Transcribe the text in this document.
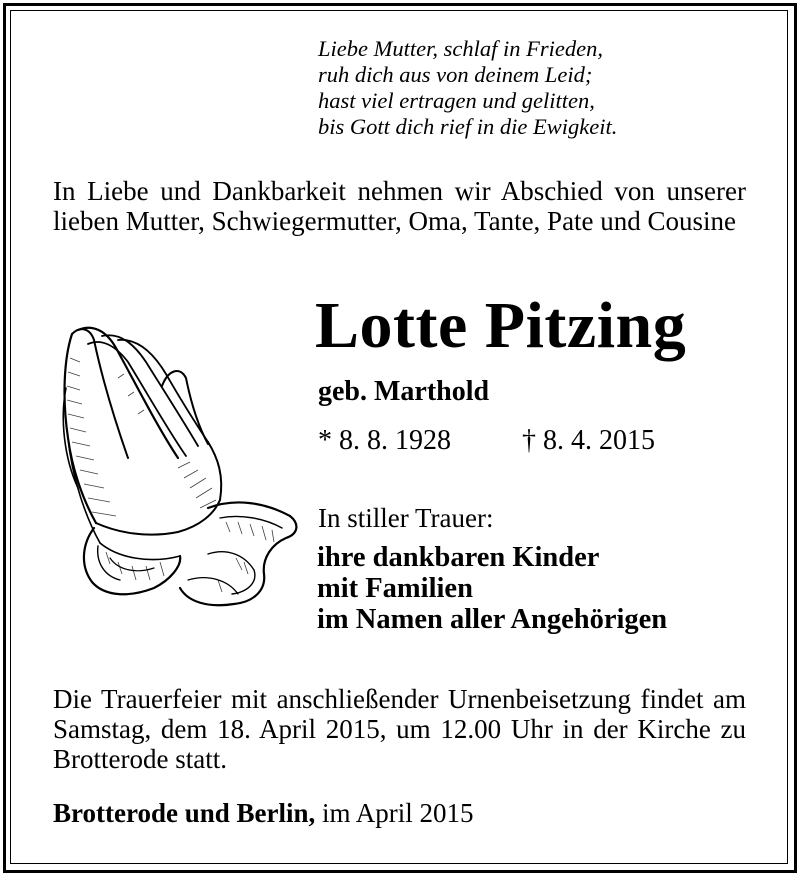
Liebe Mutter, schlaf in Frieden,
ruh dich aus von deinem Leid;
hast viel ertragen und gelitten,
bis Gott dich rief in die Ewigkeit.
In Liebe und Dankbarkeit nehmen wir Abschied von unserer lieben Mutter, Schwiegermutter, Oma, Tante, Pate und Cousine
Lotte Pitzing
geb. Marthold
* 8. 8. 1928	† 8. 4. 2015
In stiller Trauer:
ihre dankbaren Kinder
mit Familien
im Namen aller Angehörigen
Die Trauerfeier mit anschließender Urnenbeisetzung findet am Samstag, dem 18. April 2015, um 12.00 Uhr in der Kirche zu Brotterode statt.
Brotterode und Berlin, im April 2015
